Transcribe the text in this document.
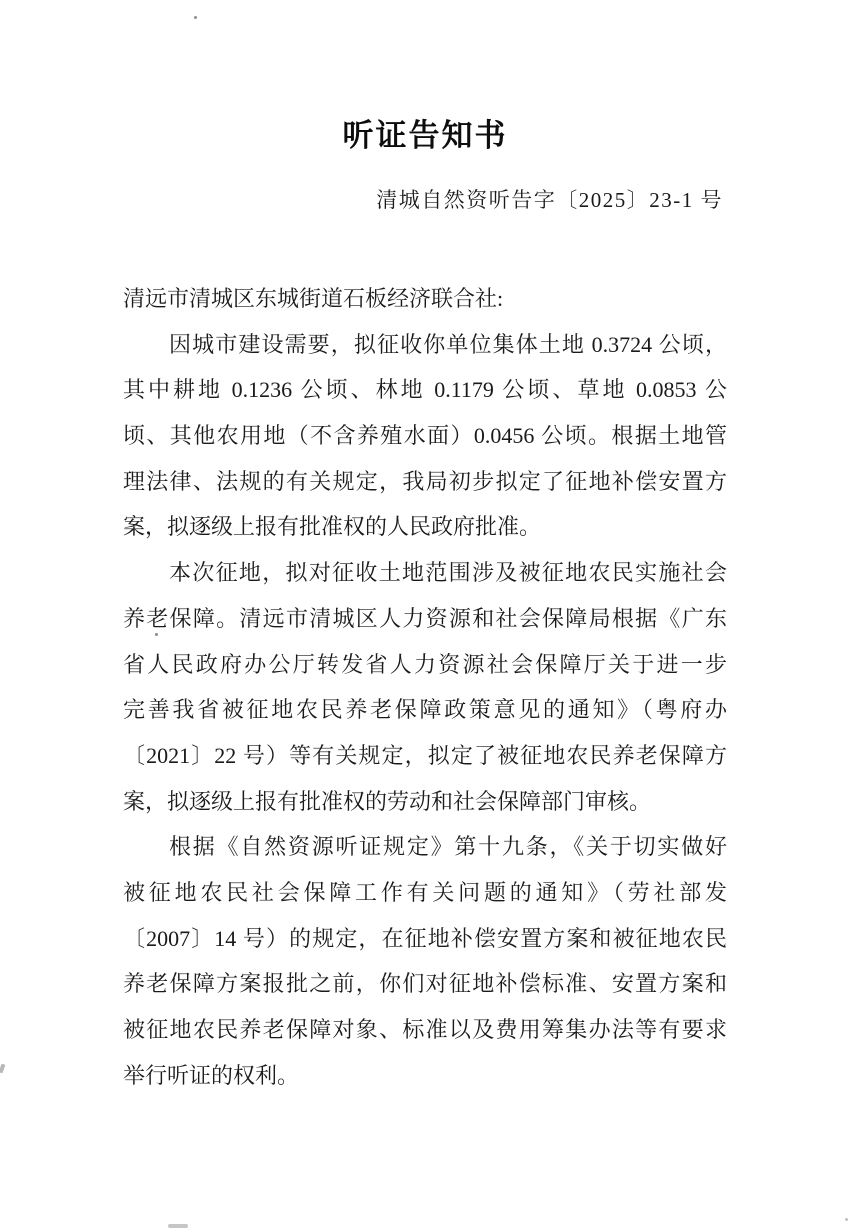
听证告知书
清城自然资听告字〔2025〕23-1 号
清远市清城区东城街道石板经济联合社:
因城市建设需要，拟征收你单位集体土地 0.3724 公顷，
其中耕地 0.1236 公顷、林地 0.1179 公顷、草地 0.0853 公
顷、其他农用地（不含养殖水面）0.0456 公顷。根据土地管
理法律、法规的有关规定，我局初步拟定了征地补偿安置方
案，拟逐级上报有批准权的人民政府批准。
本次征地，拟对征收土地范围涉及被征地农民实施社会
养老保障。清远市清城区人力资源和社会保障局根据《广东
省人民政府办公厅转发省人力资源社会保障厅关于进一步
完善我省被征地农民养老保障政策意见的通知》（粤府办
〔2021〕22 号）等有关规定，拟定了被征地农民养老保障方
案，拟逐级上报有批准权的劳动和社会保障部门审核。
根据《自然资源听证规定》第十九条，《关于切实做好
被征地农民社会保障工作有关问题的通知》（劳社部发
〔2007〕14 号）的规定，在征地补偿安置方案和被征地农民
养老保障方案报批之前，你们对征地补偿标准、安置方案和
被征地农民养老保障对象、标准以及费用筹集办法等有要求
举行听证的权利。
